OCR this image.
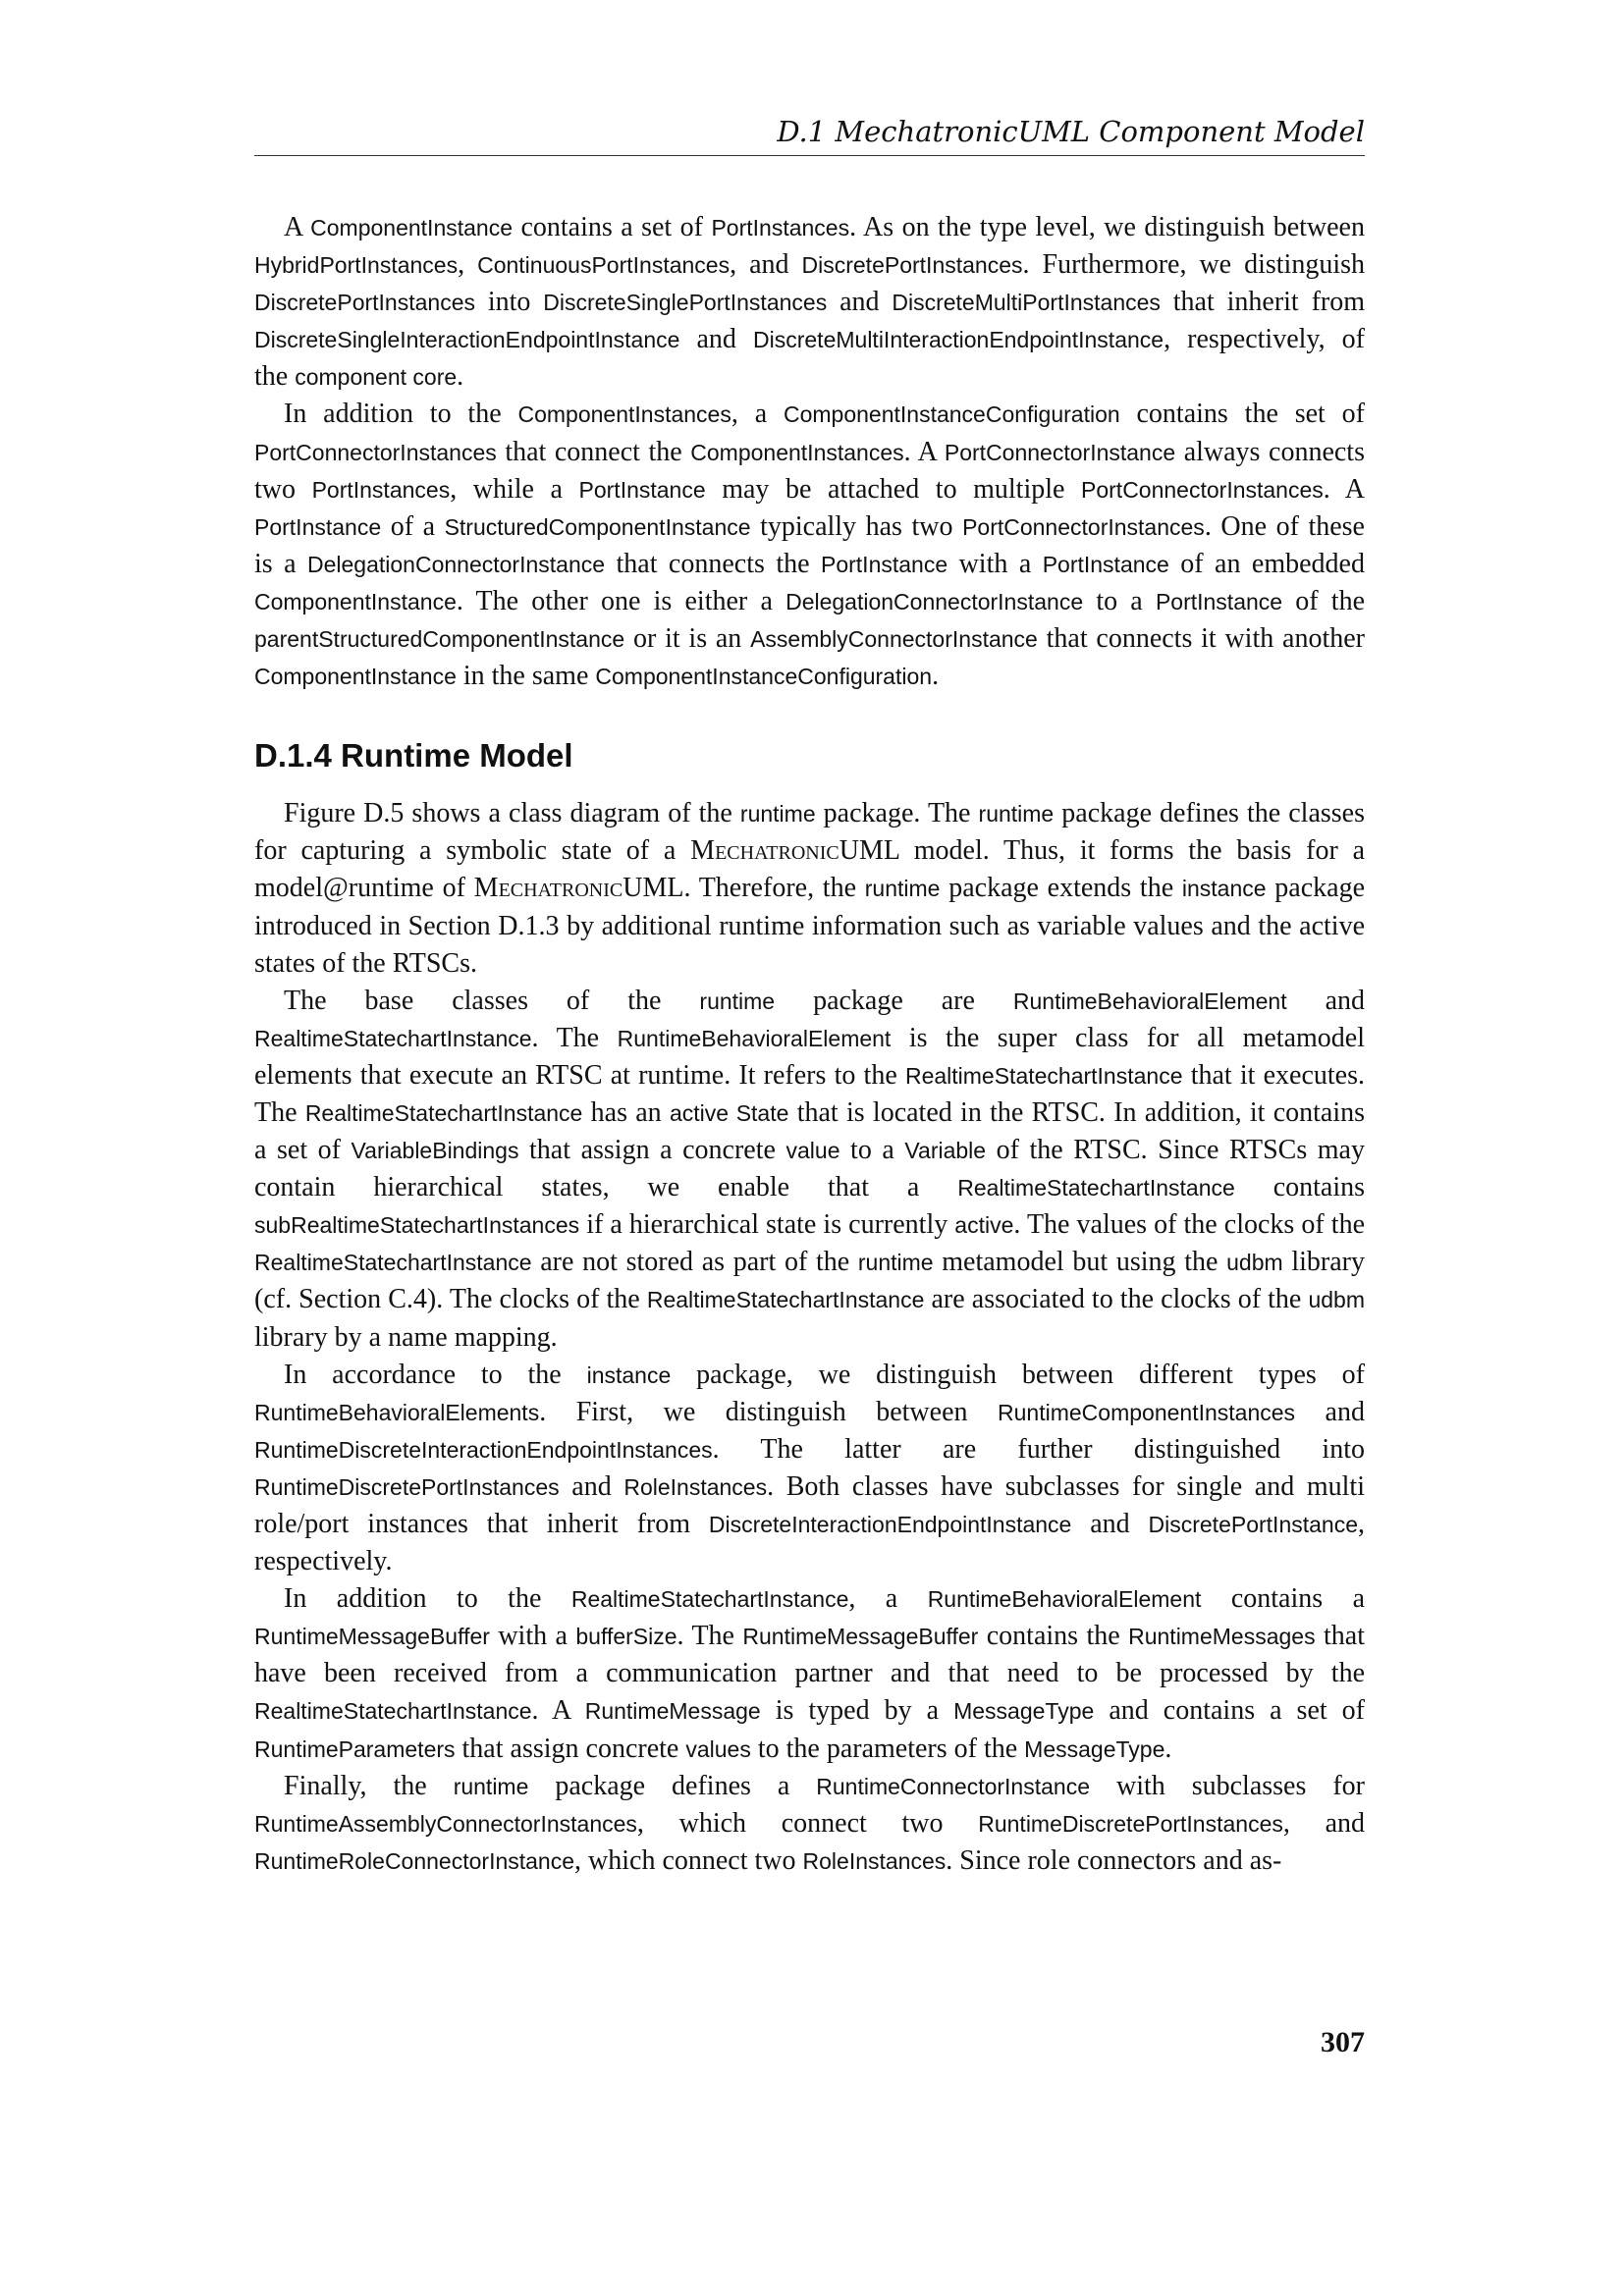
D.1 MechatronicUML Component Model

A ComponentInstance contains a set of PortInstances. As on the type level, we distinguish between HybridPortInstances, ContinuousPortInstances, and DiscretePortInstances. Furthermore, we distinguish DiscretePortInstances into DiscreteSinglePortInstances and DiscreteMultiPortInstances that inherit from DiscreteSingleInteractionEndpointInstance and DiscreteMultiInteractionEndpointInstance, respectively, of the component core.

In addition to the ComponentInstances, a ComponentInstanceConfiguration contains the set of PortConnectorInstances that connect the ComponentInstances. A PortConnectorInstance always connects two PortInstances, while a PortInstance may be attached to multiple PortConnectorInstances. A PortInstance of a StructuredComponentInstance typically has two PortConnectorInstances. One of these is a DelegationConnectorInstance that connects the PortInstance with a PortInstance of an embedded ComponentInstance. The other one is either a DelegationConnectorInstance to a PortInstance of the parentStructuredComponentInstance or it is an AssemblyConnectorInstance that connects it with another ComponentInstance in the same ComponentInstanceConfiguration.

D.1.4 Runtime Model

Figure D.5 shows a class diagram of the runtime package. The runtime package defines the classes for capturing a symbolic state of a MechatronicUML model. Thus, it forms the basis for a model@runtime of MechatronicUML. Therefore, the runtime package extends the instance package introduced in Section D.1.3 by additional runtime information such as variable values and the active states of the RTSCs.

The base classes of the runtime package are RuntimeBehavioralElement and RealtimeStatechartInstance. The RuntimeBehavioralElement is the super class for all metamodel elements that execute an RTSC at runtime. It refers to the RealtimeStatechartInstance that it executes. The RealtimeStatechartInstance has an active State that is located in the RTSC. In addition, it contains a set of VariableBindings that assign a concrete value to a Variable of the RTSC. Since RTSCs may contain hierarchical states, we enable that a RealtimeStatechartInstance contains subRealtimeStatechartInstances if a hierarchical state is currently active. The values of the clocks of the RealtimeStatechartInstance are not stored as part of the runtime metamodel but using the udbm library (cf. Section C.4). The clocks of the RealtimeStatechartInstance are associated to the clocks of the udbm library by a name mapping.

In accordance to the instance package, we distinguish between different types of RuntimeBehavioralElements. First, we distinguish between RuntimeComponentInstances and RuntimeDiscreteInteractionEndpointInstances. The latter are further distinguished into RuntimeDiscretePortInstances and RoleInstances. Both classes have subclasses for single and multi role/port instances that inherit from DiscreteInteractionEndpointInstance and DiscretePortInstance, respectively.

In addition to the RealtimeStatechartInstance, a RuntimeBehavioralElement contains a RuntimeMessageBuffer with a bufferSize. The RuntimeMessageBuffer contains the RuntimeMessages that have been received from a communication partner and that need to be processed by the RealtimeStatechartInstance. A RuntimeMessage is typed by a MessageType and contains a set of RuntimeParameters that assign concrete values to the parameters of the MessageType.

Finally, the runtime package defines a RuntimeConnectorInstance with subclasses for RuntimeAssemblyConnectorInstances, which connect two RuntimeDiscretePortInstances, and RuntimeRoleConnectorInstance, which connect two RoleInstances. Since role connectors and as-

307
